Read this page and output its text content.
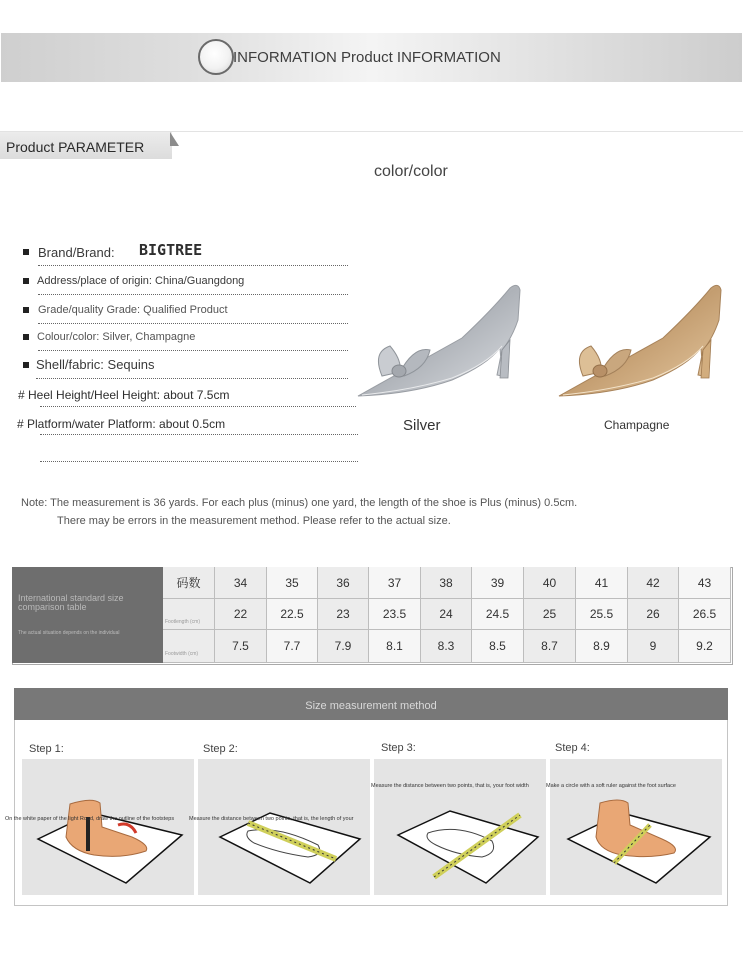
INFORMATION Product INFORMATION
Product PARAMETER
color/color
Brand/Brand: BIGTREE
Address/place of origin: China/Guangdong
Grade/quality Grade: Qualified Product
Colour/color: Silver, Champagne
Shell/fabric: Sequins
# Heel Height/Heel Height: about 7.5cm
# Platform/water Platform: about 0.5cm	Silver	Champagne
Note: The measurement is 36 yards. For each plus (minus) one yard, the length of the shoe is Plus (minus) 0.5cm.
There may be errors in the measurement method. Please refer to the actual size.
International standard size comparison table
The actual situation depends on the individual
码数	34	35	36	37	38	39	40	41	42	43
Footlength (cm)
22	22.5	23	23.5	24	24.5	25	25.5	26	26.5
Footwidth (cm)
7.5	7.7	7.9	8.1	8.3	8.5	8.7	8.9	9	9.2
Size measurement method
Step 1:	Step 2:	Step 3:	Step 4:
On the white paper of the light Road, draw the outline of the footsteps	Measure the distance between two points, that is, the length of your
Measure the distance between two points, that is, your foot width	Make a circle with a soft ruler against the foot surface
